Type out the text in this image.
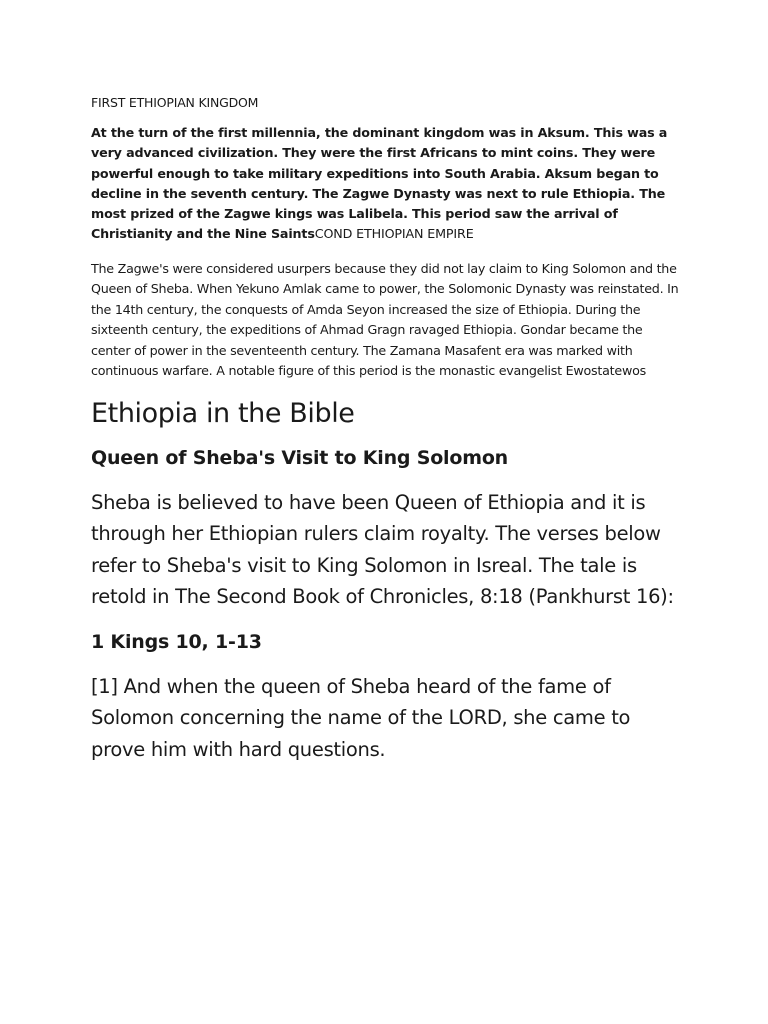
FIRST ETHIOPIAN KINGDOM

At the turn of the first millennia, the dominant kingdom was in Aksum. This was a very advanced civilization. They were the first Africans to mint coins. They were powerful enough to take military expeditions into South Arabia. Aksum began to decline in the seventh century. The Zagwe Dynasty was next to rule Ethiopia. The most prized of the Zagwe kings was Lalibela. This period saw the arrival of Christianity and the Nine SaintsCOND ETHIOPIAN EMPIRE

The Zagwe's were considered usurpers because they did not lay claim to King Solomon and the Queen of Sheba. When Yekuno Amlak came to power, the Solomonic Dynasty was reinstated. In the 14th century, the conquests of Amda Seyon increased the size of Ethiopia. During the sixteenth century, the expeditions of Ahmad Gragn ravaged Ethiopia. Gondar became the center of power in the seventeenth century. The Zamana Masafent era was marked with continuous warfare. A notable figure of this period is the monastic evangelist Ewostatewos

Ethiopia in the Bible
Queen of Sheba's Visit to King Solomon

Sheba is believed to have been Queen of Ethiopia and it is through her Ethiopian rulers claim royalty. The verses below refer to Sheba's visit to King Solomon in Isreal. The tale is retold in The Second Book of Chronicles, 8:18 (Pankhurst 16):

1 Kings 10, 1-13

[1] And when the queen of Sheba heard of the fame of Solomon concerning the name of the LORD, she came to prove him with hard questions.
